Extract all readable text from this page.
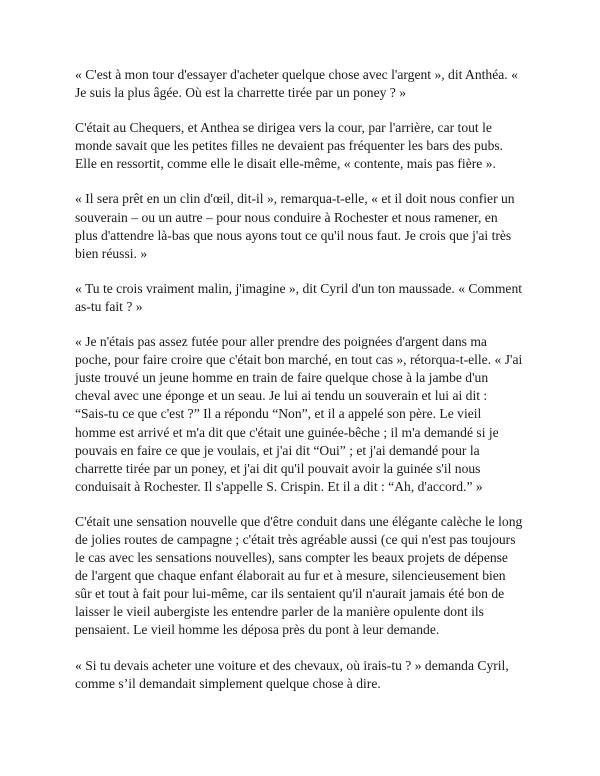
« C'est à mon tour d'essayer d'acheter quelque chose avec l'argent », dit Anthéa. « Je suis la plus âgée. Où est la charrette tirée par un poney ? »

C'était au Chequers, et Anthea se dirigea vers la cour, par l'arrière, car tout le monde savait que les petites filles ne devaient pas fréquenter les bars des pubs. Elle en ressortit, comme elle le disait elle-même, « contente, mais pas fière ».

« Il sera prêt en un clin d'œil, dit-il », remarqua-t-elle, « et il doit nous confier un souverain – ou un autre – pour nous conduire à Rochester et nous ramener, en plus d'attendre là-bas que nous ayons tout ce qu'il nous faut. Je crois que j'ai très bien réussi. »

« Tu te crois vraiment malin, j'imagine », dit Cyril d'un ton maussade. « Comment as-tu fait ? »

« Je n'étais pas assez futée pour aller prendre des poignées d'argent dans ma poche, pour faire croire que c'était bon marché, en tout cas », rétorqua-t-elle. « J'ai juste trouvé un jeune homme en train de faire quelque chose à la jambe d'un cheval avec une éponge et un seau. Je lui ai tendu un souverain et lui ai dit : “Sais-tu ce que c'est ?” Il a répondu “Non”, et il a appelé son père. Le vieil homme est arrivé et m'a dit que c'était une guinée-bêche ; il m'a demandé si je pouvais en faire ce que je voulais, et j'ai dit “Oui” ; et j'ai demandé pour la charrette tirée par un poney, et j'ai dit qu'il pouvait avoir la guinée s'il nous conduisait à Rochester. Il s'appelle S. Crispin. Et il a dit : “Ah, d'accord.” »

C'était une sensation nouvelle que d'être conduit dans une élégante calèche le long de jolies routes de campagne ; c'était très agréable aussi (ce qui n'est pas toujours le cas avec les sensations nouvelles), sans compter les beaux projets de dépense de l'argent que chaque enfant élaborait au fur et à mesure, silencieusement bien sûr et tout à fait pour lui-même, car ils sentaient qu'il n'aurait jamais été bon de laisser le vieil aubergiste les entendre parler de la manière opulente dont ils pensaient. Le vieil homme les déposa près du pont à leur demande.

« Si tu devais acheter une voiture et des chevaux, où irais-tu ? » demanda Cyril, comme s’il demandait simplement quelque chose à dire.
